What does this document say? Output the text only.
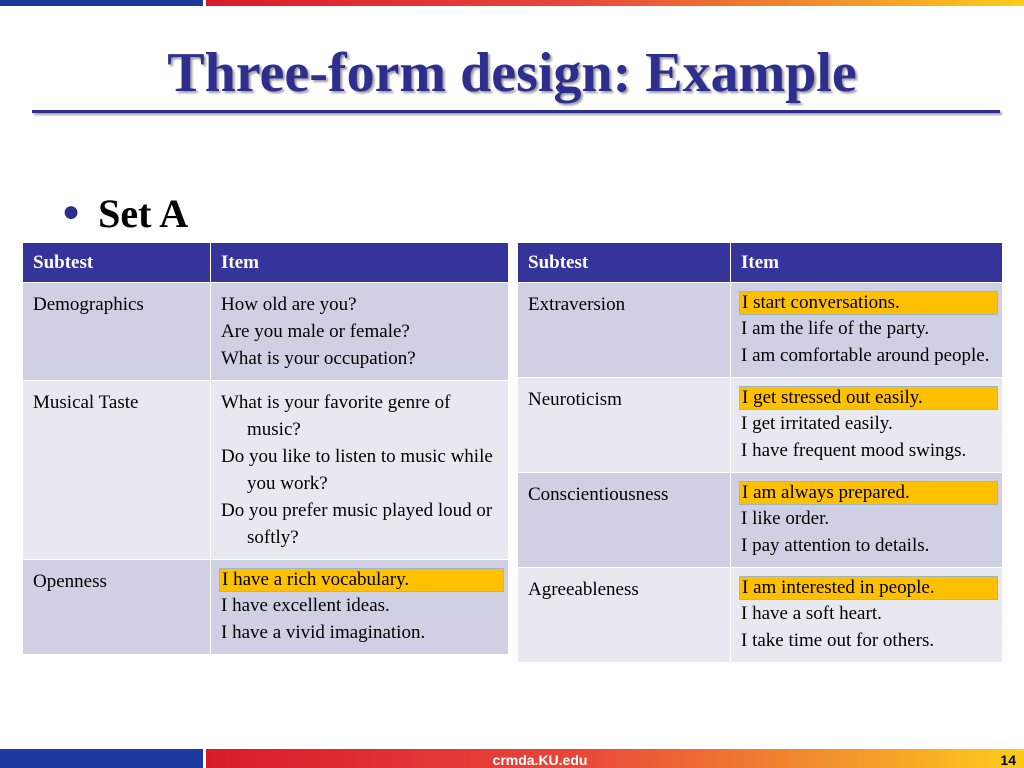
Three-form design: Example
● Set A
Subtest	Item
Demographics	How old are you?
Are you male or female?
What is your occupation?

Musical Taste	What is your favorite genre of music?
Do you like to listen to music while you work?
Do you prefer music played loud or softly?

Openness	I have a rich vocabulary.
I have excellent ideas.
I have a vivid imagination.
Subtest	Item
Extraversion	I start conversations.
I am the life of the party.
I am comfortable around people.

Neuroticism	I get stressed out easily.
I get irritated easily.
I have frequent mood swings.

Conscientiousness	I am always prepared.
I like order.
I pay attention to details.

Agreeableness	I am interested in people.
I have a soft heart.
I take time out for others.
crmda.KU.edu	14
